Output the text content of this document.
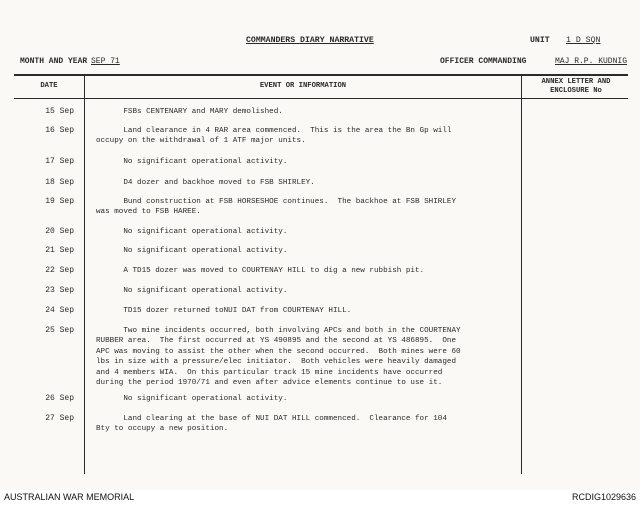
COMMANDERS DIARY NARRATIVE	UNIT 1 D SQN
MONTH AND YEAR SEP 71	OFFICER COMMANDING	MAJ R.P. KUDNIG
DATE	EVENT OR INFORMATION	ANNEX LETTER AND ENCLOSURE No
15 Sep	FSBs CENTENARY and MARY demolished.
16 Sep	Land clearance in 4 RAR area commenced.  This is the area the Bn Gp will
occupy on the withdrawal of 1 ATF major units.
17 Sep	No significant operational activity.
18 Sep	D4 dozer and backhoe moved to FSB SHIRLEY.
19 Sep	Bund construction at FSB HORSESHOE continues.  The backhoe at FSB SHIRLEY
was moved to FSB HAREE.
20 Sep	No significant operational activity.
21 Sep	No significant operational activity.
22 Sep	A TD15 dozer was moved to COURTENAY HILL to dig a new rubbish pit.
23 Sep	No significant operational activity.
24 Sep	TD15 dozer returned toNUI DAT from COURTENAY HILL.
25 Sep	Two mine incidents occurred, both involving APCs and both in the COURTENAY
RUBBER area.  The first occurred at YS 490895 and the second at YS 486895.  One
APC was moving to assist the other when the second occurred.  Both mines were 60
lbs in size with a pressure/elec initiator.  Both vehicles were heavily damaged
and 4 members WIA.  On this particular track 15 mine incidents have occurred
during the period 1970/71 and even after advice elements continue to use it.
26 Sep	No significant operational activity.
27 Sep	Land clearing at the base of NUI DAT HILL commenced.  Clearance for 104
Bty to occupy a new position.
AUSTRALIAN WAR MEMORIAL	RCDIG1029636
